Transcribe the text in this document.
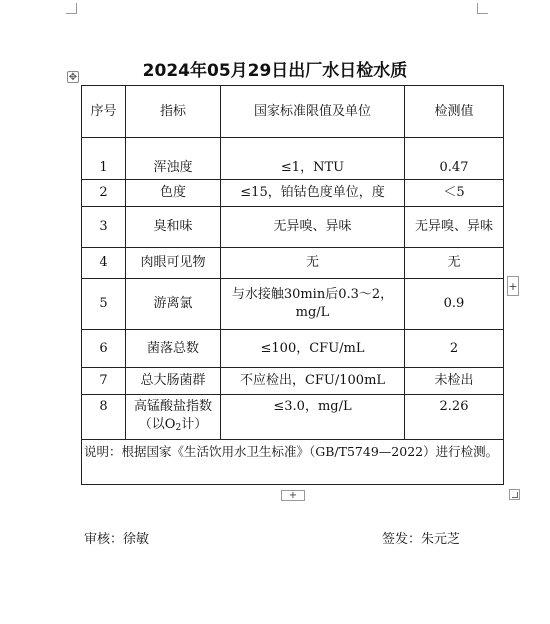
2024年05月29日出厂水日检水质
✥
序号	指标	国家标准限值及单位	检测值
1	浑浊度	≤1，NTU	0.47
2	色度	≤15，铂钴色度单位，度	＜5
3	臭和味	无异嗅、异味	无异嗅、异味
4	肉眼可见物	无	无
5	游离氯	与水接触30min后0.3～2，
mg/L	0.9
6	菌落总数	≤100，CFU/mL	2
7	总大肠菌群	不应检出，CFU/100mL	未检出
8	高锰酸盐指数
（以$O_2$计）	≤3.0，mg/L	2.26
说明：根据国家《生活饮用水卫生标准》（GB/T5749—2022）进行检测。			
+
+
审核：徐敏	签发：朱元芝
